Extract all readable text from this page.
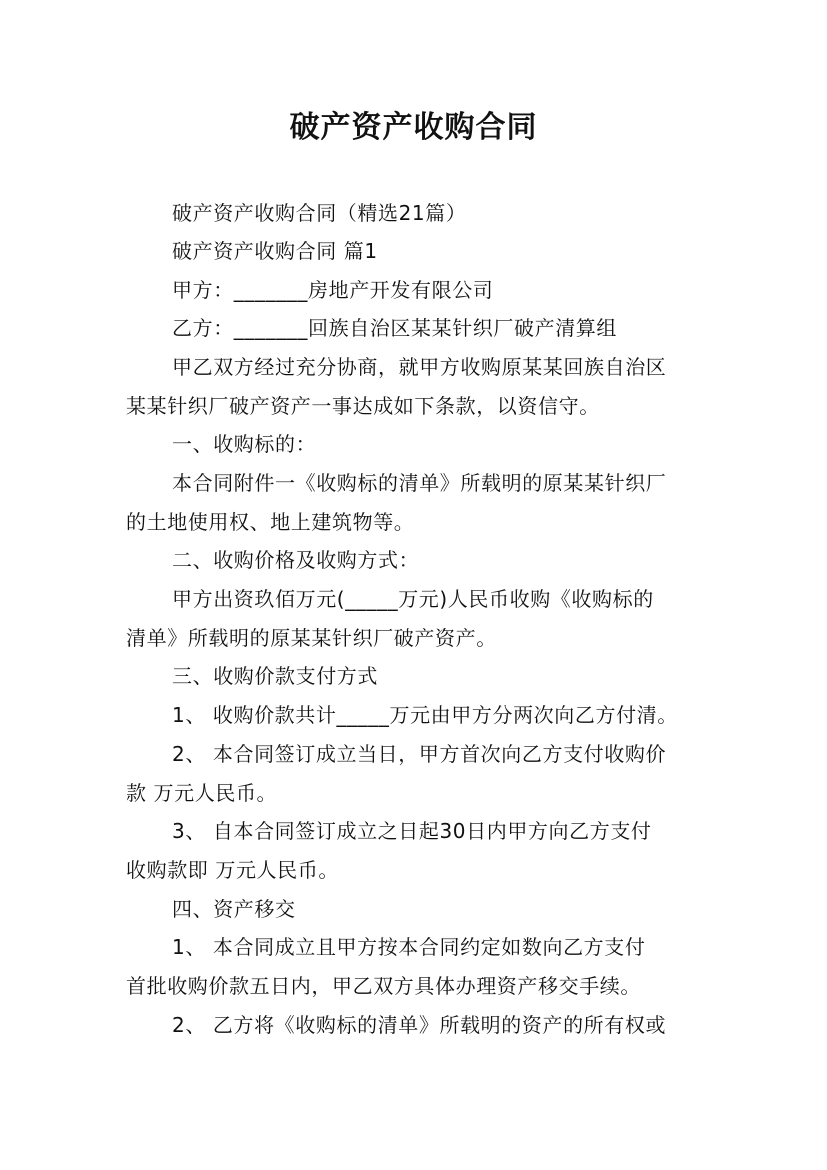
破产资产收购合同
破产资产收购合同（精选21篇）
破产资产收购合同 篇1
甲方：_______房地产开发有限公司
乙方：_______回族自治区某某针织厂破产清算组
甲乙双方经过充分协商，就甲方收购原某某回族自治区
某某针织厂破产资产一事达成如下条款，以资信守。
一、收购标的：
本合同附件一《收购标的清单》所载明的原某某针织厂
的土地使用权、地上建筑物等。
二、收购价格及收购方式：
甲方出资玖佰万元(_____万元)人民币收购《收购标的
清单》所载明的原某某针织厂破产资产。
三、收购价款支付方式
1、 收购价款共计_____万元由甲方分两次向乙方付清。
2、 本合同签订成立当日，甲方首次向乙方支付收购价
款 万元人民币。
3、 自本合同签订成立之日起30日内甲方向乙方支付
收购款即 万元人民币。
四、资产移交
1、 本合同成立且甲方按本合同约定如数向乙方支付
首批收购价款五日内，甲乙双方具体办理资产移交手续。
2、 乙方将《收购标的清单》所载明的资产的所有权或
